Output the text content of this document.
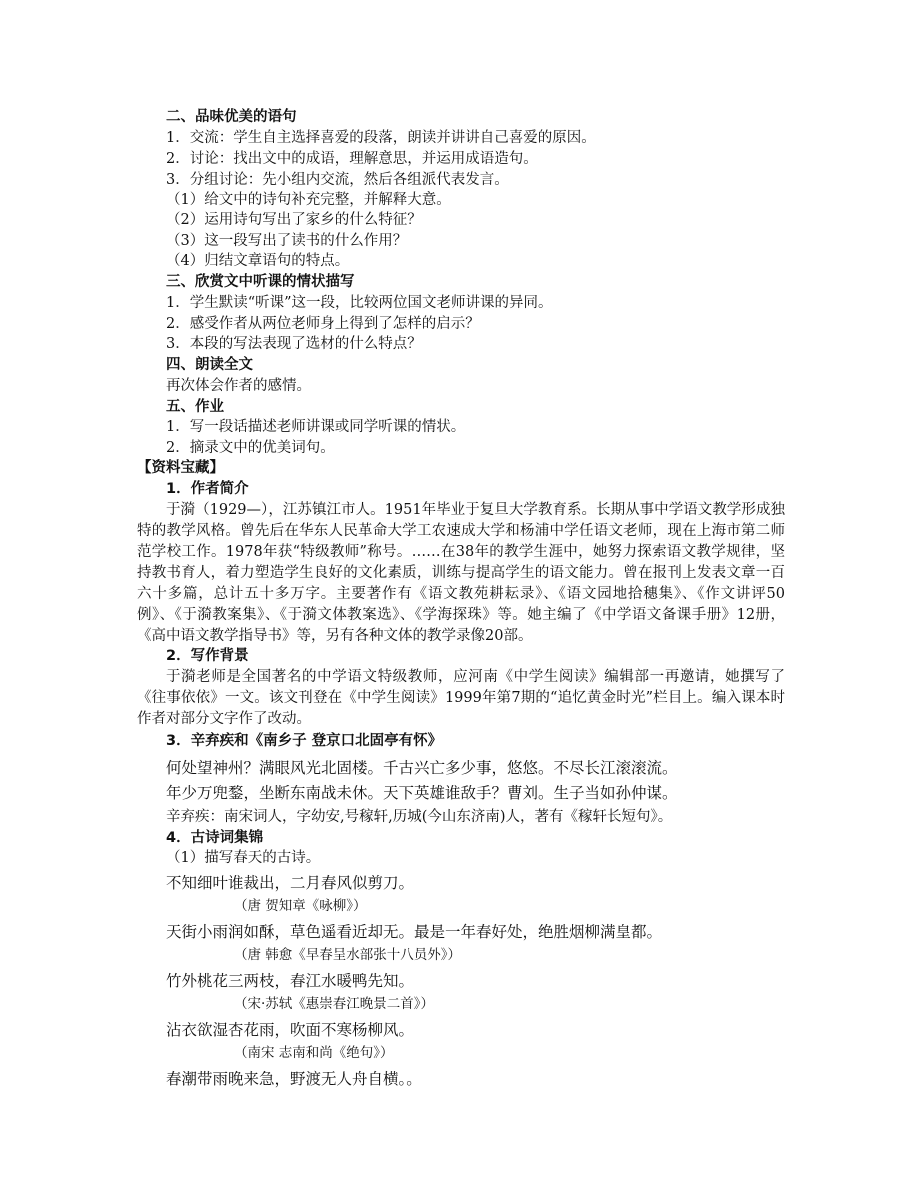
二、品味优美的语句
1．交流：学生自主选择喜爱的段落，朗读并讲讲自己喜爱的原因。
2．讨论：找出文中的成语，理解意思，并运用成语造句。
3．分组讨论：先小组内交流，然后各组派代表发言。
（1）给文中的诗句补充完整，并解释大意。
（2）运用诗句写出了家乡的什么特征？
（3）这一段写出了读书的什么作用？
（4）归结文章语句的特点。
三、欣赏文中听课的情状描写
1．学生默读“听课”这一段，比较两位国文老师讲课的异同。
2．感受作者从两位老师身上得到了怎样的启示？
3．本段的写法表现了选材的什么特点？
四、朗读全文
再次体会作者的感情。
五、作业
1．写一段话描述老师讲课或同学听课的情状。
2．摘录文中的优美词句。
【资料宝藏】
1．作者简介
于漪（1929—），江苏镇江市人。1951年毕业于复旦大学教育系。长期从事中学语文教学形成独特的教学风格。曾先后在华东人民革命大学工农速成大学和杨浦中学任语文老师，现在上海市第二师范学校工作。1978年获“特级教师”称号。……在38年的教学生涯中，她努力探索语文教学规律，坚持教书育人，着力塑造学生良好的文化素质，训练与提高学生的语文能力。曾在报刊上发表文章一百六十多篇，总计五十多万字。主要著作有《语文教苑耕耘录》、《语文园地拾穗集》、《作文讲评50例》、《于漪教案集》、《于漪文体教案选》、《学海探珠》等。她主编了《中学语文备课手册》12册，《高中语文教学指导书》等，另有各种文体的教学录像20部。
2．写作背景
于漪老师是全国著名的中学语文特级教师，应河南《中学生阅读》编辑部一再邀请，她撰写了《往事依依》一文。该文刊登在《中学生阅读》1999年第7期的“追忆黄金时光”栏目上。编入课本时作者对部分文字作了改动。
3．辛弃疾和《南乡子 登京口北固亭有怀》
何处望神州？满眼风光北固楼。千古兴亡多少事，悠悠。不尽长江滚滚流。
年少万兜鍪，坐断东南战未休。天下英雄谁敌手？曹刘。生子当如孙仲谋。
辛弃疾：南宋词人，字幼安,号稼轩,历城(今山东济南)人，著有《稼轩长短句》。
4．古诗词集锦
（1）描写春天的古诗。
不知细叶谁裁出，二月春风似剪刀。
（唐 贺知章《咏柳》）
天街小雨润如酥，草色遥看近却无。最是一年春好处，绝胜烟柳满皇都。
（唐 韩愈《早春呈水部张十八员外》）
竹外桃花三两枝，春江水暖鸭先知。
（宋·苏轼《惠崇春江晚景二首》）
沾衣欲湿杏花雨，吹面不寒杨柳风。
（南宋 志南和尚《绝句》）
春潮带雨晚来急，野渡无人舟自横。。
